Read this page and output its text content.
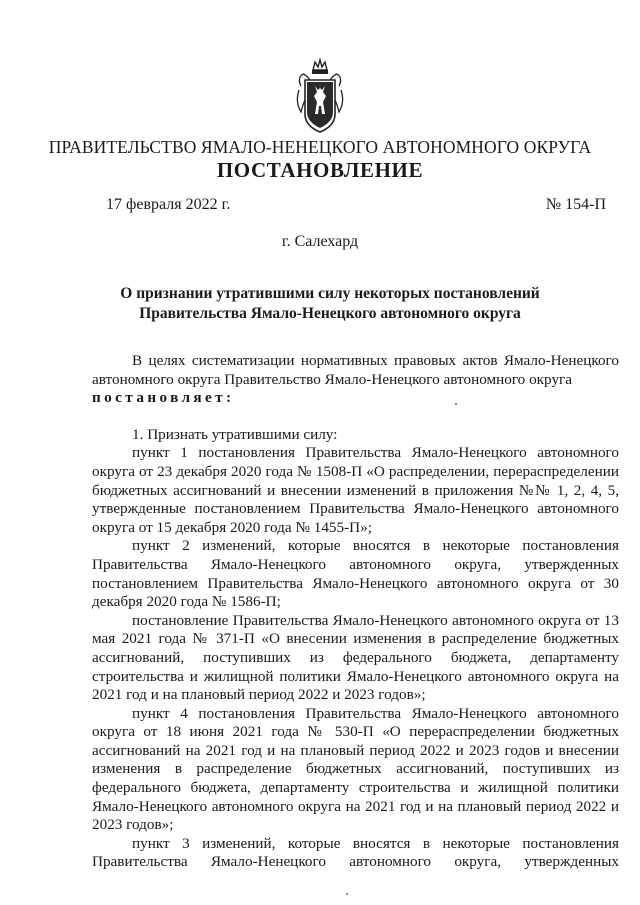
ПРАВИТЕЛЬСТВО ЯМАЛО-НЕНЕЦКОГО АВТОНОМНОГО ОКРУГА
ПОСТАНОВЛЕНИЕ
17 февраля 2022 г.	№ 154-П
г. Салехард
О признании утратившими силу некоторых постановлений
Правительства Ямало-Ненецкого автономного округа

В целях систематизации нормативных правовых актов Ямало-Ненецкого автономного округа Правительство Ямало-Ненецкого автономного округа

постановляет:

1. Признать утратившими силу:

пункт 1 постановления Правительства Ямало-Ненецкого автономного округа от 23 декабря 2020 года № 1508-П «О распределении, перераспределении бюджетных ассигнований и внесении изменений в приложения №№ 1, 2, 4, 5, утвержденные постановлением Правительства Ямало-Ненецкого автономного округа от 15 декабря 2020 года № 1455-П»;

пункт 2 изменений, которые вносятся в некоторые постановления Правительства Ямало-Ненецкого автономного округа, утвержденных постановлением Правительства Ямало-Ненецкого автономного округа от 30 декабря 2020 года № 1586-П;

постановление Правительства Ямало-Ненецкого автономного округа от 13 мая 2021 года № 371-П «О внесении изменения в распределение бюджетных ассигнований, поступивших из федерального бюджета, департаменту строительства и жилищной политики Ямало-Ненецкого автономного округа на 2021 год и на плановый период 2022 и 2023 годов»;

пункт 4 постановления Правительства Ямало-Ненецкого автономного округа от 18 июня 2021 года № 530-П «О перераспределении бюджетных ассигнований на 2021 год и на плановый период 2022 и 2023 годов и внесении изменения в распределение бюджетных ассигнований, поступивших из федерального бюджета, департаменту строительства и жилищной политики Ямало-Ненецкого автономного округа на 2021 год и на плановый период 2022 и 2023 годов»;

пункт 3 изменений, которые вносятся в некоторые постановления Правительства Ямало-Ненецкого автономного округа, утвержденных
